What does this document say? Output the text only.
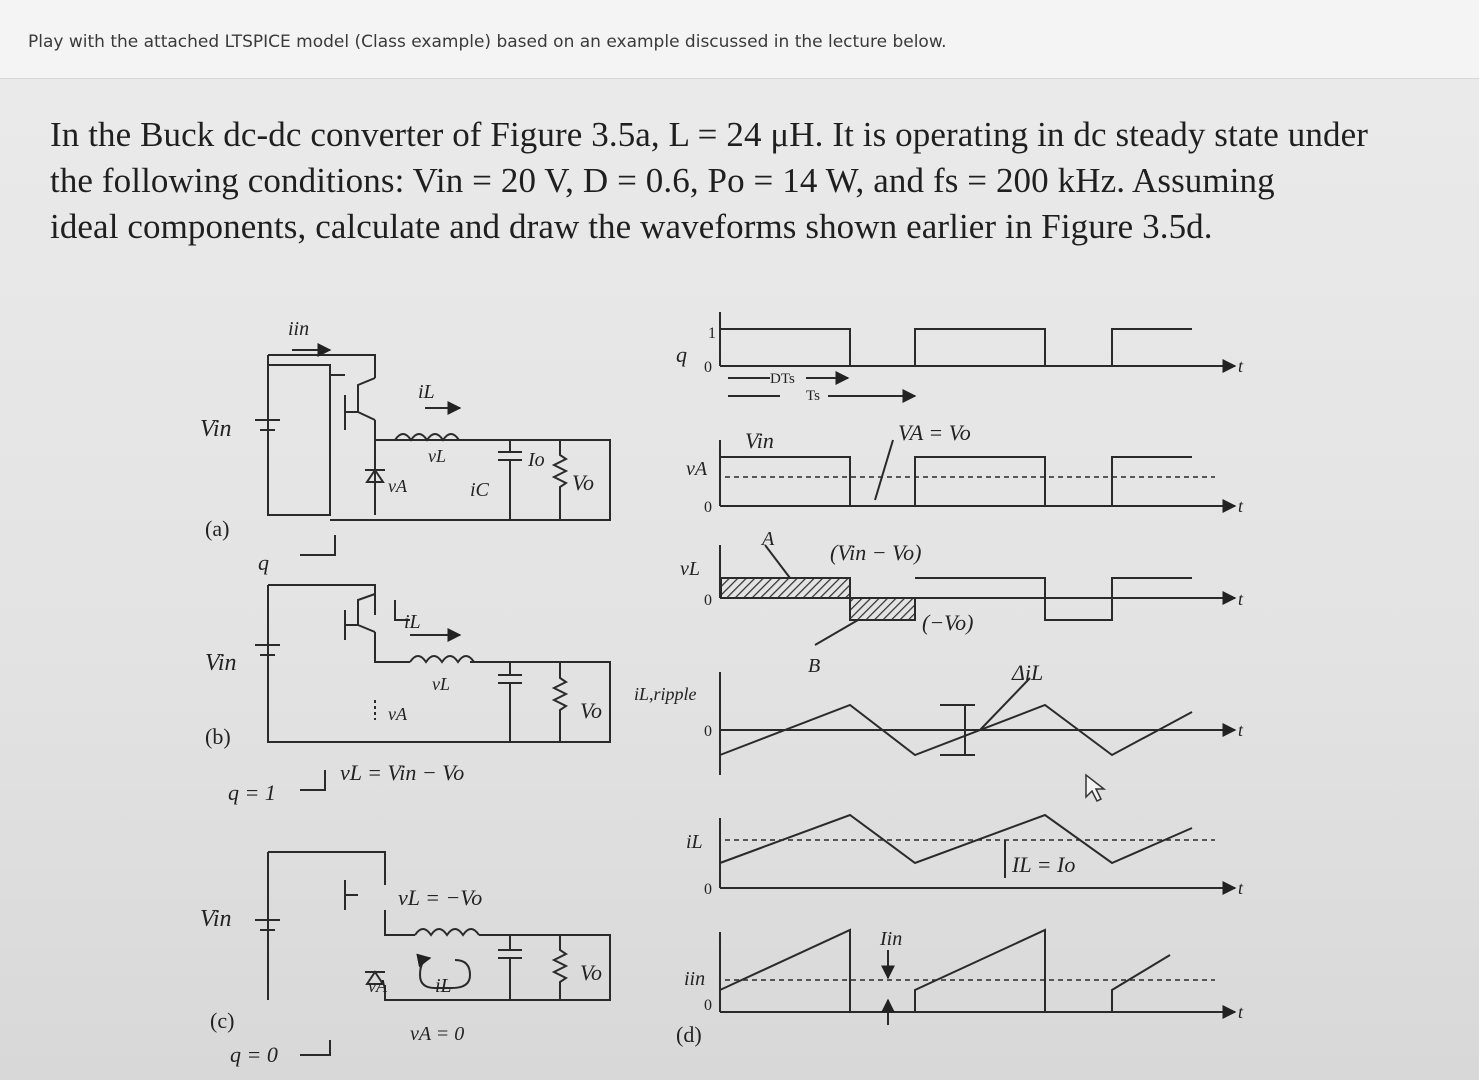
Play with the attached LTSPICE model (Class example) based on an example discussed in the lecture below.
In the Buck dc-dc converter of Figure 3.5a, L = 24 μH. It is operating in dc steady state under
the following conditions: Vin = 20 V, D = 0.6, Po = 14 W, and fs = 200 kHz. Assuming
ideal components, calculate and draw the waveforms shown earlier in Figure 3.5d.
Vin
iin
iL
vL
vA	iC
Io
Vo
(a)
q
Vin
iL
vL
vA	Vo
(b)
q = 1
vL = Vin − Vo
Vin
vL = −Vo
iL
vA
Vo
(c)
q = 0
vA = 0
q
1
0
DTs
Ts
t
vA
0
Vin	VA = Vo
t
vL
0
A
B
(Vin − Vo)
(−Vo)
t
iL,ripple
0
ΔiL
t
iL
0
IL = Io
t
iin
0
Iin
t
(d)
